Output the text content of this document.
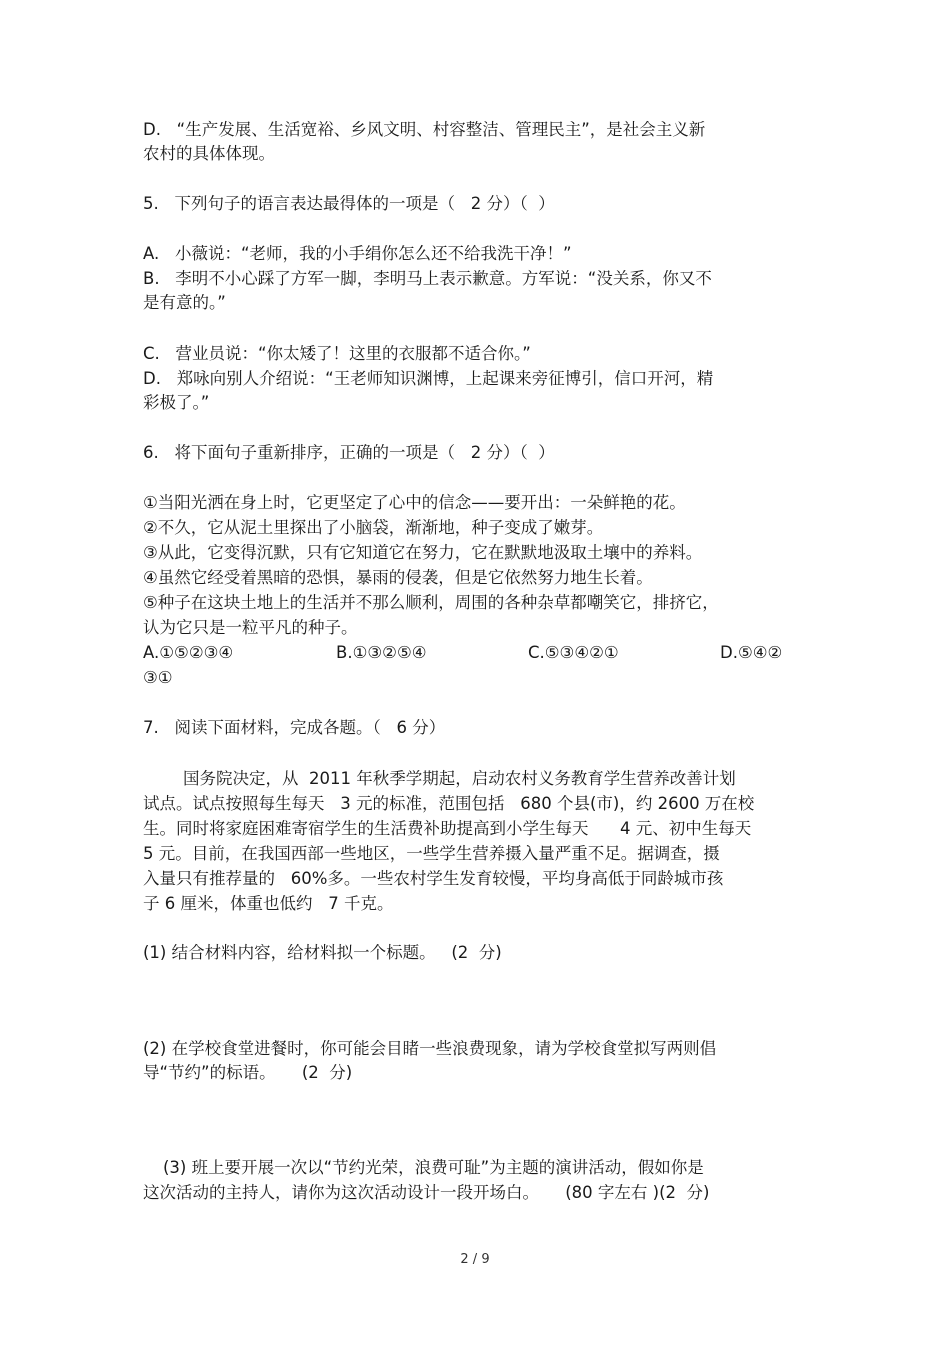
D.   “生产发展、生活宽裕、乡风文明、村容整洁、管理民主”，是社会主义新
农村的具体体现。
5.   下列句子的语言表达最得体的一项是（   2 分）（  ）
A.   小薇说：“老师，我的小手绢你怎么还不给我洗干净！”
B.   李明不小心踩了方军一脚，李明马上表示歉意。方军说：“没关系，你又不
是有意的。”
C.   营业员说：“你太矮了！这里的衣服都不适合你。”
D.   郑咏向别人介绍说：“王老师知识渊博，上起课来旁征博引，信口开河，精
彩极了。”
6.   将下面句子重新排序，正确的一项是（   2 分）（  ）
①当阳光洒在身上时，它更坚定了心中的信念——要开出：一朵鲜艳的花。
②不久，它从泥土里探出了小脑袋，渐渐地，种子变成了嫩芽。
③从此，它变得沉默，只有它知道它在努力，它在默默地汲取土壤中的养料。
④虽然它经受着黑暗的恐惧，暴雨的侵袭，但是它依然努力地生长着。
⑤种子在这块土地上的生活并不那么顺利，周围的各种杂草都嘲笑它，排挤它，
认为它只是一粒平凡的种子。
A.①⑤②③④	B.①③②⑤④	C.⑤③④②①	D.⑤④②
③①
7.   阅读下面材料，完成各题。（   6 分）
国务院决定，从  2011 年秋季学期起，启动农村义务教育学生营养改善计划
试点。试点按照每生每天   3 元的标准，范围包括   680 个县(市)，约 2600 万在校
生。同时将家庭困难寄宿学生的生活费补助提高到小学生每天      4 元、初中生每天
5 元。目前，在我国西部一些地区，一些学生营养摄入量严重不足。据调查，摄
入量只有推荐量的   60%多。一些农村学生发育较慢，平均身高低于同龄城市孩
子 6 厘米，体重也低约   7 千克。
(1) 结合材料内容，给材料拟一个标题。   (2  分)
(2) 在学校食堂进餐时，你可能会目睹一些浪费现象，请为学校食堂拟写两则倡
导“节约”的标语。     (2  分)
(3) 班上要开展一次以“节约光荣，浪费可耻”为主题的演讲活动，假如你是
这次活动的主持人，请你为这次活动设计一段开场白。     (80 字左右 )(2  分)
2 / 9
